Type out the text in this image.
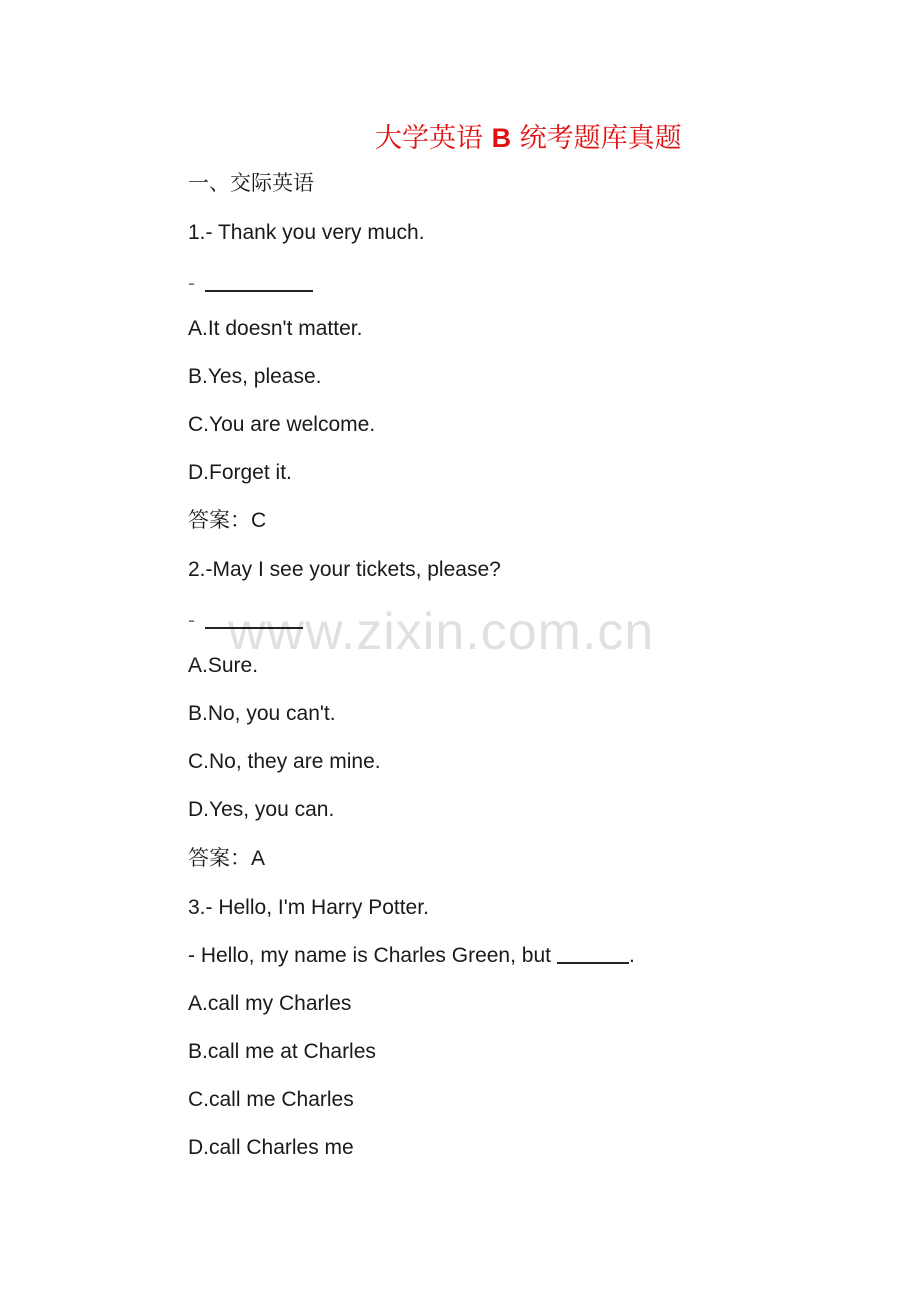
大学英语 B 统考题库真题
一、交际英语
1.- Thank you very much.
-
A.It doesn't matter.
B.Yes, please.
C.You are welcome.
D.Forget it.
答案：C
2.-May I see your tickets, please?
-
A.Sure.
B.No, you can't.
C.No, they are mine.
D.Yes, you can.
答案：A
3.- Hello, I'm Harry Potter.
- Hello, my name is Charles Green, but	.
A.call my Charles
B.call me at Charles
C.call me Charles
D.call Charles me
www.zixin.com.cn
